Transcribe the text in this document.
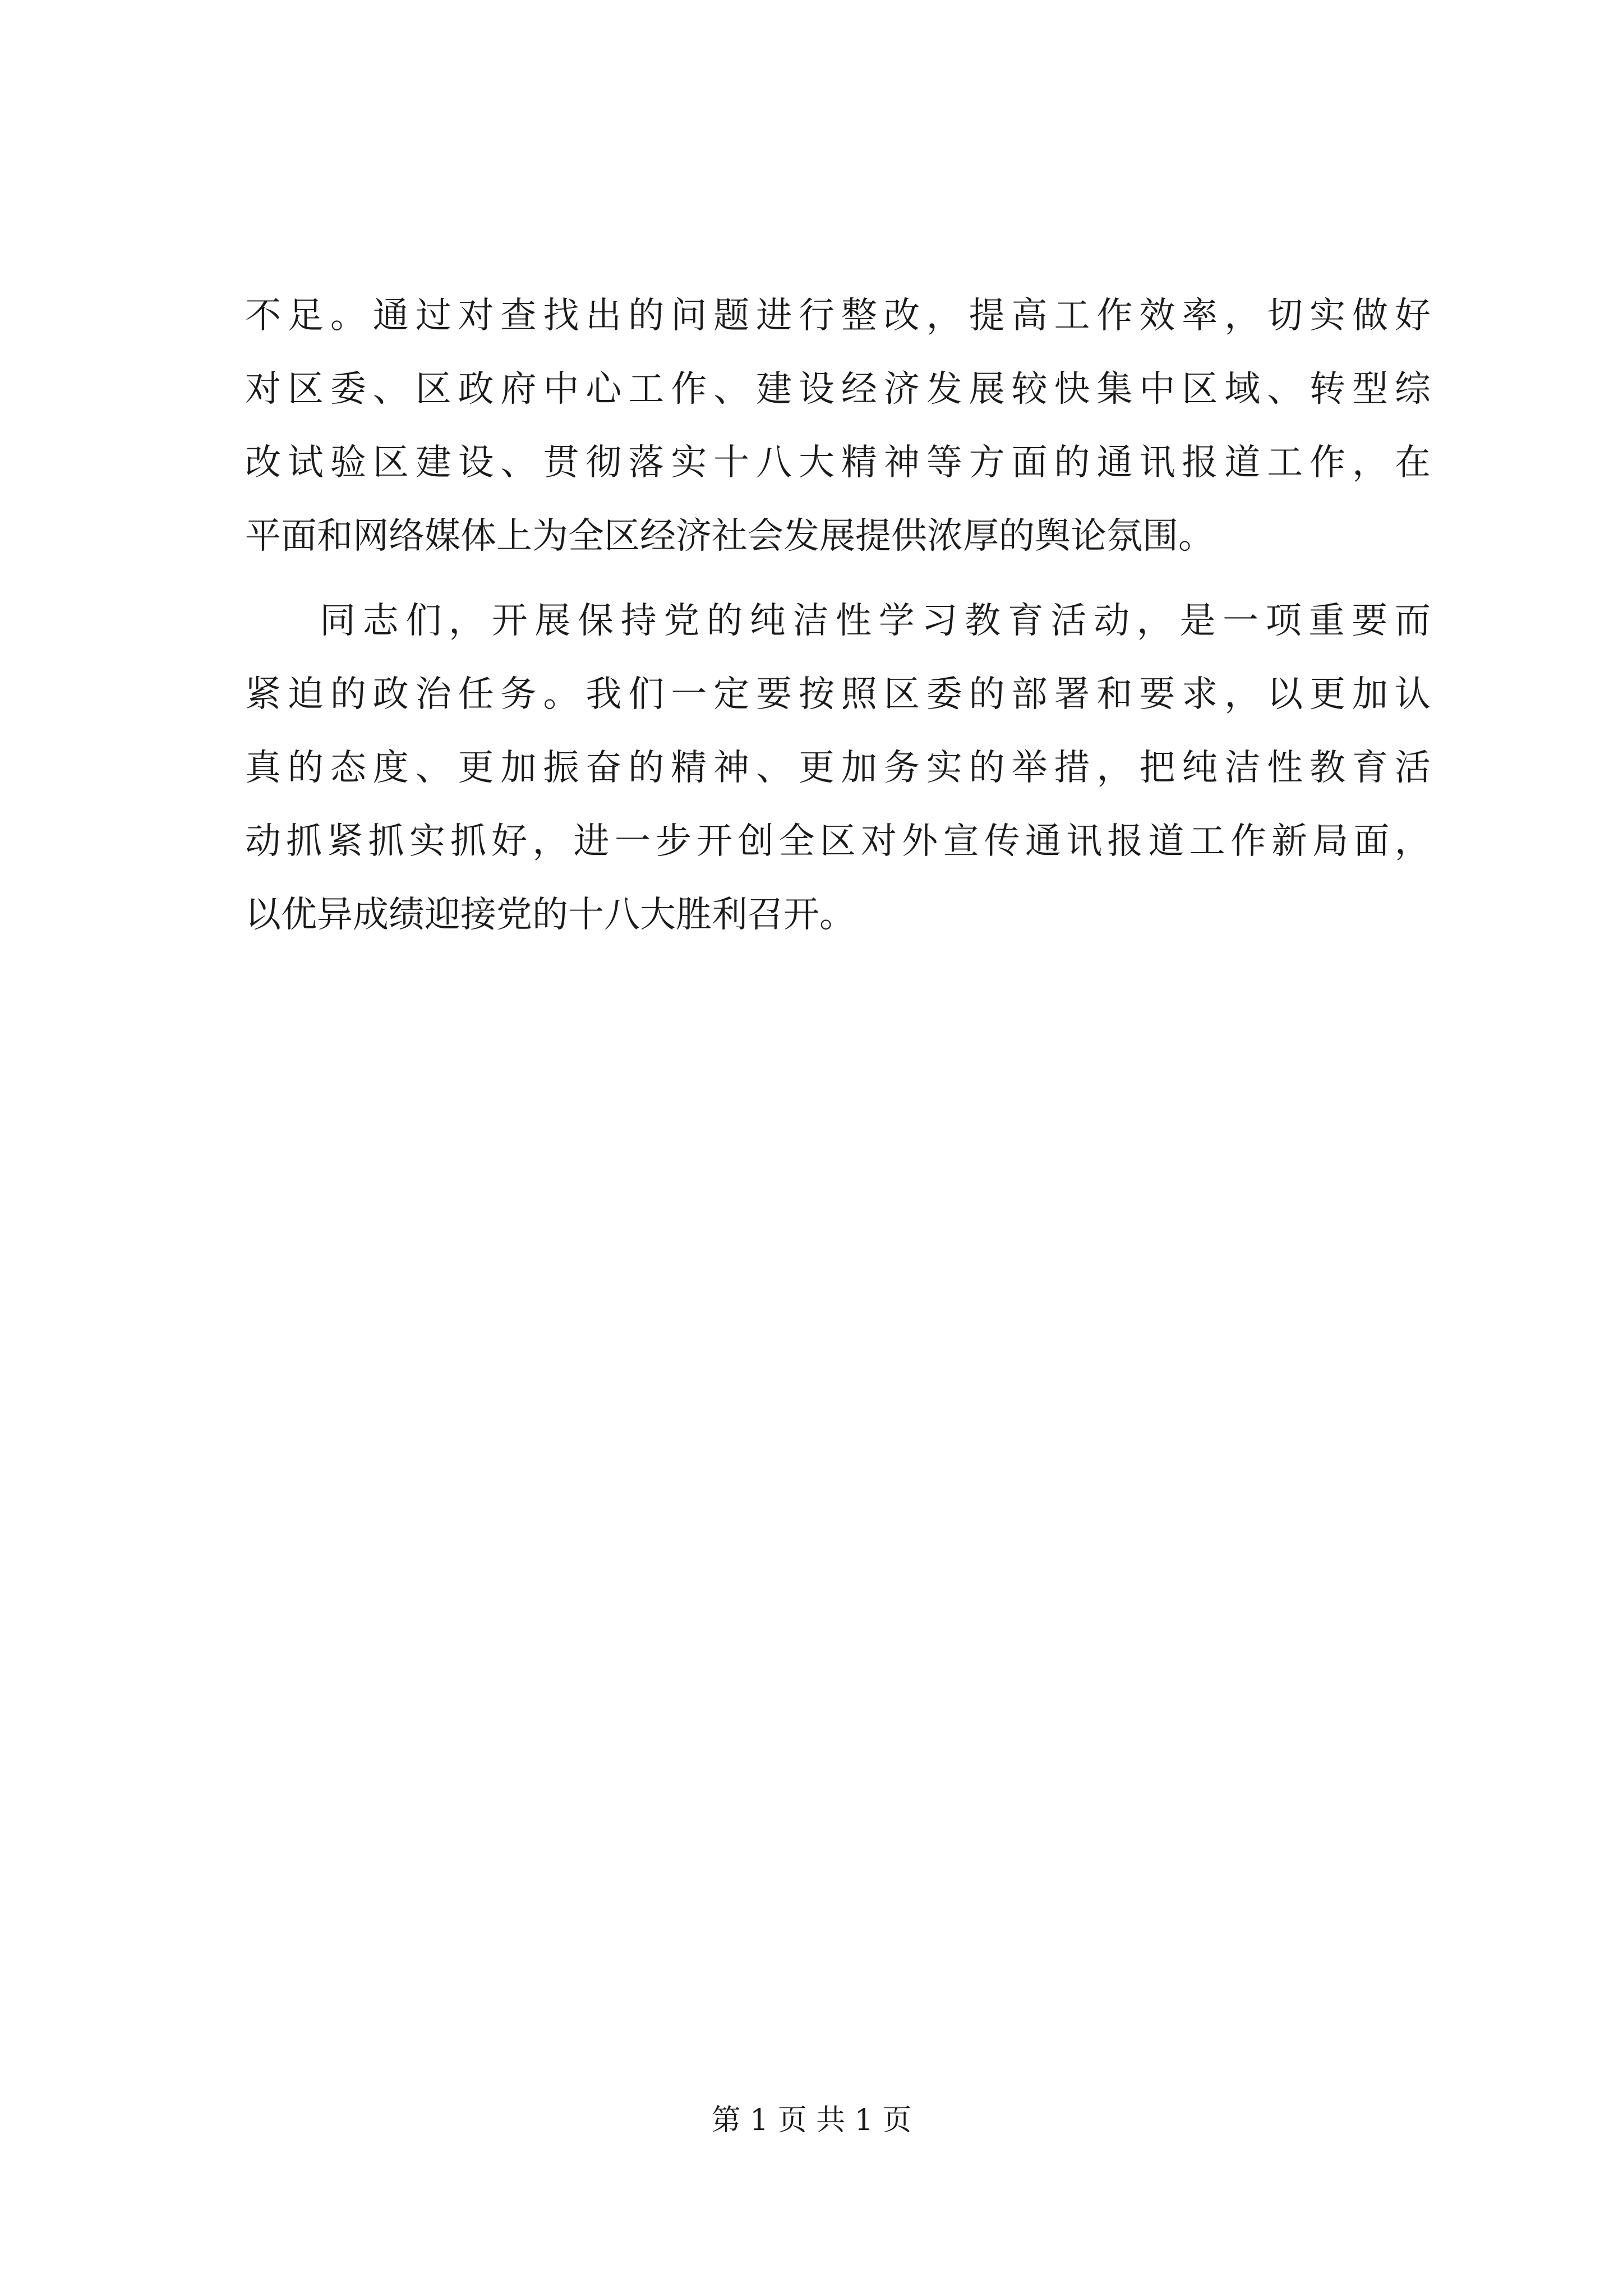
不 足 。 通 过 对 查 找 出 的 问 题 进 行 整 改 ， 提 高 工 作 效 率 ， 切 实 做 好
对 区 委 、 区 政 府 中 心 工 作 、 建 设 经 济 发 展 较 快 集 中 区 域 、 转 型 综
改 试 验 区 建 设 、 贯 彻 落 实 十 八 大 精 神 等 方 面 的 通 讯 报 道 工 作 ， 在
平面和网络媒体上为全区经济社会发展提供浓厚的舆论氛围。
同 志 们 ， 开 展 保 持 党 的 纯 洁 性 学 习 教 育 活 动 ， 是 一 项 重 要 而
紧 迫 的 政 治 任 务 。 我 们 一 定 要 按 照 区 委 的 部 署 和 要 求 ， 以 更 加 认
真 的 态 度 、 更 加 振 奋 的 精 神 、 更 加 务 实 的 举 措 ， 把 纯 洁 性 教 育 活
动 抓 紧 抓 实 抓 好 ， 进 一 步 开 创 全 区 对 外 宣 传 通 讯 报 道 工 作 新 局 面 ，
以优异成绩迎接党的十八大胜利召开。
第 1 页 共 1 页
